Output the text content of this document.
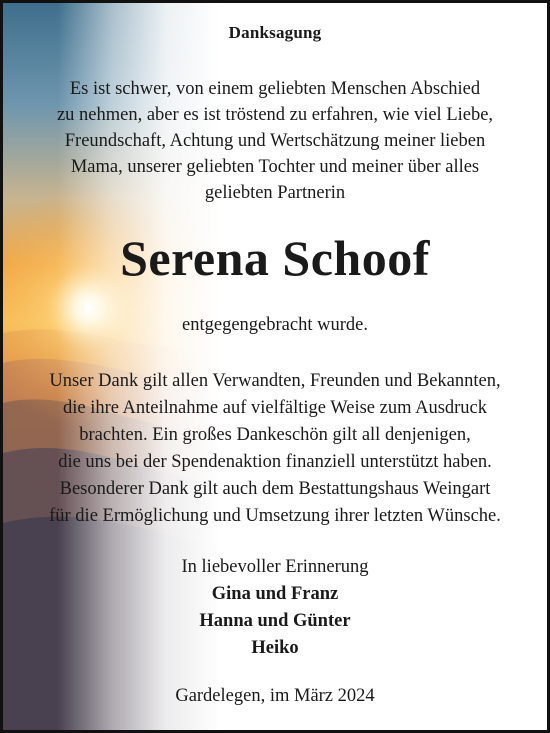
Danksagung
Es ist schwer, von einem geliebten Menschen Abschied
zu nehmen, aber es ist tröstend zu erfahren, wie viel Liebe,
Freundschaft, Achtung und Wertschätzung meiner lieben
Mama, unserer geliebten Tochter und meiner über alles
geliebten Partnerin
Serena Schoof
entgegengebracht wurde.
Unser Dank gilt allen Verwandten, Freunden und Bekannten,
die ihre Anteilnahme auf vielfältige Weise zum Ausdruck
brachten. Ein großes Dankeschön gilt all denjenigen,
die uns bei der Spendenaktion finanziell unterstützt haben.
Besonderer Dank gilt auch dem Bestattungshaus Weingart
für die Ermöglichung und Umsetzung ihrer letzten Wünsche.
In liebevoller Erinnerung
Gina und Franz
Hanna und Günter
Heiko
Gardelegen, im März 2024
